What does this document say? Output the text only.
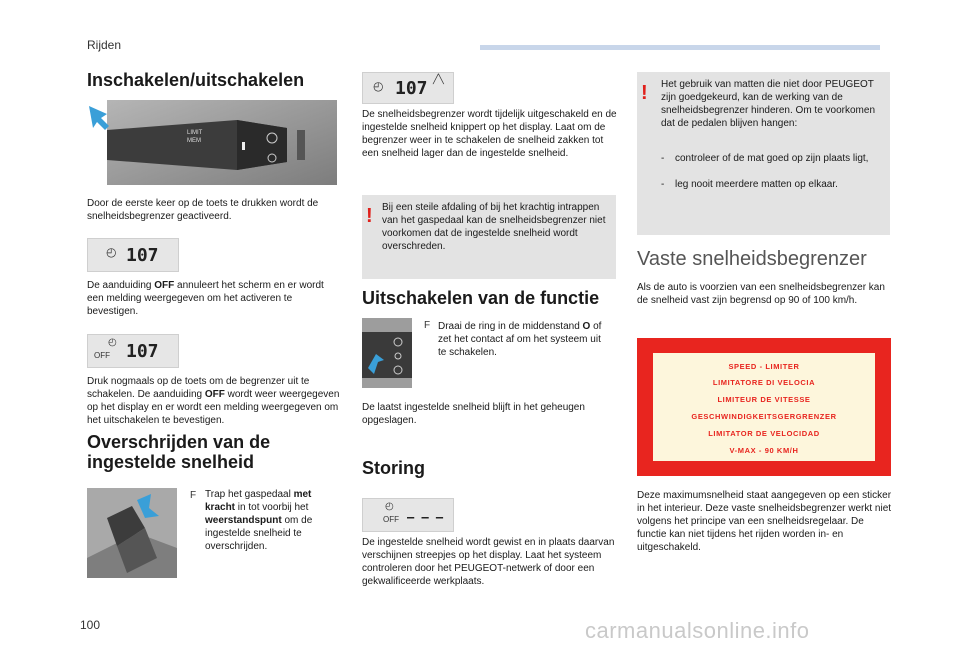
Rijden
Inschakelen/uitschakelen
LIMIT
MEM
Door de eerste keer op de toets te drukken wordt de snelheidsbegrenzer geactiveerd.
◴ 107
De aanduiding OFF annuleert het scherm en er wordt een melding weergegeven om het activeren te bevestigen.
◴
OFF 107
Druk nogmaals op de toets om de begrenzer uit te schakelen. De aanduiding OFF wordt weer weergegeven op het display en er wordt een melding weergegeven om het uitschakelen te bevestigen.
Overschrijden van de ingestelde snelheid
F Trap het gaspedaal met kracht in tot voorbij het weerstandspunt om de ingestelde snelheid te overschrijden.
◴ 107 ╱╲
De snelheidsbegrenzer wordt tijdelijk uitgeschakeld en de ingestelde snelheid knippert op het display. Laat om de begrenzer weer in te schakelen de snelheid zakken tot een snelheid lager dan de ingestelde snelheid.
! Bij een steile afdaling of bij het krachtig intrappen van het gaspedaal kan de snelheidsbegrenzer niet voorkomen dat de ingestelde snelheid wordt overschreden.
Uitschakelen van de functie
F Draai de ring in de middenstand O of zet het contact af om het systeem uit te schakelen.
De laatst ingestelde snelheid blijft in het geheugen opgeslagen.
Storing
◴
OFF – – –
De ingestelde snelheid wordt gewist en in plaats daarvan verschijnen streepjes op het display. Laat het systeem controleren door het PEUGEOT-netwerk of door een gekwalificeerde werkplaats.
! Het gebruik van matten die niet door PEUGEOT zijn goedgekeurd, kan de werking van de snelheidsbegrenzer hinderen. Om te voorkomen dat de pedalen blijven hangen:
- controleer of de mat goed op zijn plaats ligt,
- leg nooit meerdere matten op elkaar.
Vaste snelheidsbegrenzer
Als de auto is voorzien van een snelheidsbegrenzer kan de snelheid vast zijn begrensd op 90 of 100 km/h.
SPEED - LIMITER
LIMITATORE DI VELOCIA
LIMITEUR DE VITESSE
GESCHWINDIGKEITSGERGRENZER
LIMITATOR DE VELOCIDAD
V-MAX - 90 KM/H
Deze maximumsnelheid staat aangegeven op een sticker in het interieur. Deze vaste snelheidsbegrenzer werkt niet volgens het principe van een snelheidsregelaar. De functie kan niet tijdens het rijden worden in- en uitgeschakeld.
100	carmanualsonline.info
